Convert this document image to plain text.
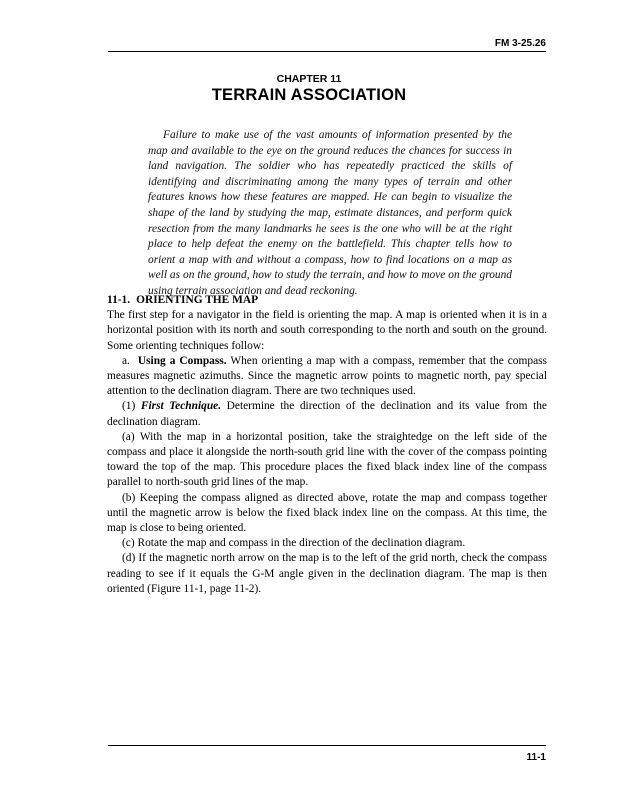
FM 3-25.26
CHAPTER 11
TERRAIN ASSOCIATION

Failure to make use of the vast amounts of information presented by the map and available to the eye on the ground reduces the chances for success in land navigation. The soldier who has repeatedly practiced the skills of identifying and discriminating among the many types of terrain and other features knows how these features are mapped. He can begin to visualize the shape of the land by studying the map, estimate distances, and perform quick resection from the many landmarks he sees is the one who will be at the right place to help defeat the enemy on the battlefield. This chapter tells how to orient a map with and without a compass, how to find locations on a map as well as on the ground, how to study the terrain, and how to move on the ground using terrain association and dead reckoning.

11-1. ORIENTING THE MAP

The first step for a navigator in the field is orienting the map. A map is oriented when it is in a horizontal position with its north and south corresponding to the north and south on the ground. Some orienting techniques follow:

a. Using a Compass. When orienting a map with a compass, remember that the compass measures magnetic azimuths. Since the magnetic arrow points to magnetic north, pay special attention to the declination diagram. There are two techniques used.

(1) First Technique. Determine the direction of the declination and its value from the declination diagram.

(a) With the map in a horizontal position, take the straightedge on the left side of the compass and place it alongside the north-south grid line with the cover of the compass pointing toward the top of the map. This procedure places the fixed black index line of the compass parallel to north-south grid lines of the map.

(b) Keeping the compass aligned as directed above, rotate the map and compass together until the magnetic arrow is below the fixed black index line on the compass. At this time, the map is close to being oriented.

(c) Rotate the map and compass in the direction of the declination diagram.

(d) If the magnetic north arrow on the map is to the left of the grid north, check the compass reading to see if it equals the G-M angle given in the declination diagram. The map is then oriented (Figure 11-1, page 11-2).

11-1
